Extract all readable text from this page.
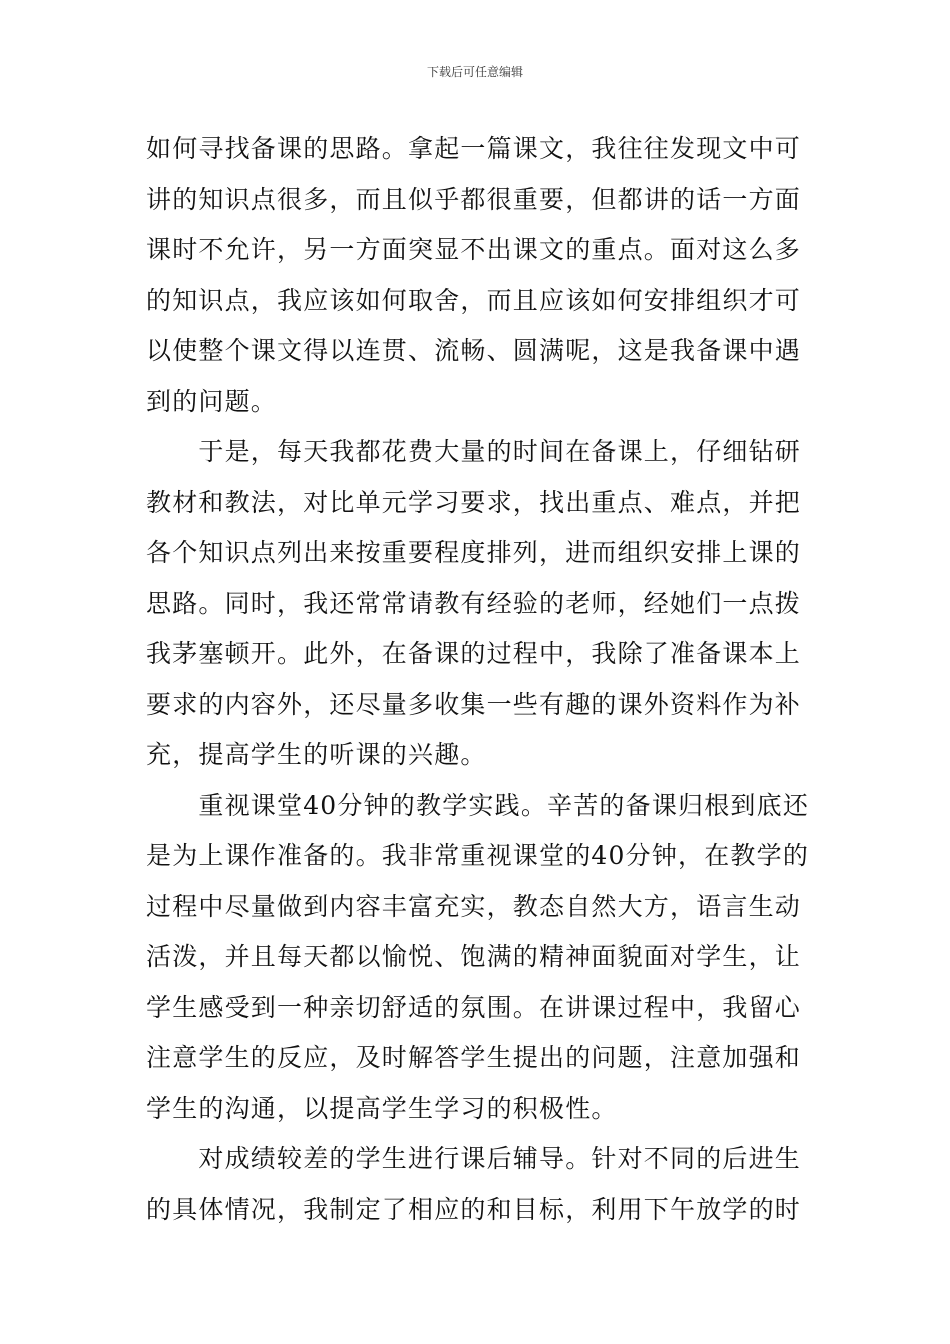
下载后可任意编辑
如何寻找备课的思路。拿起一篇课文，我往往发现文中可
讲的知识点很多，而且似乎都很重要，但都讲的话一方面
课时不允许，另一方面突显不出课文的重点。面对这么多
的知识点，我应该如何取舍，而且应该如何安排组织才可
以使整个课文得以连贯、流畅、圆满呢，这是我备课中遇
到的问题。
　　于是，每天我都花费大量的时间在备课上，仔细钻研
教材和教法，对比单元学习要求，找出重点、难点，并把
各个知识点列出来按重要程度排列，进而组织安排上课的
思路。同时，我还常常请教有经验的老师，经她们一点拨
我茅塞顿开。此外，在备课的过程中，我除了准备课本上
要求的内容外，还尽量多收集一些有趣的课外资料作为补
充，提高学生的听课的兴趣。
　　重视课堂40分钟的教学实践。辛苦的备课归根到底还
是为上课作准备的。我非常重视课堂的40分钟，在教学的
过程中尽量做到内容丰富充实，教态自然大方，语言生动
活泼，并且每天都以愉悦、饱满的精神面貌面对学生，让
学生感受到一种亲切舒适的氛围。在讲课过程中，我留心
注意学生的反应，及时解答学生提出的问题，注意加强和
学生的沟通，以提高学生学习的积极性。
　　对成绩较差的学生进行课后辅导。针对不同的后进生
的具体情况，我制定了相应的和目标，利用下午放学的时
